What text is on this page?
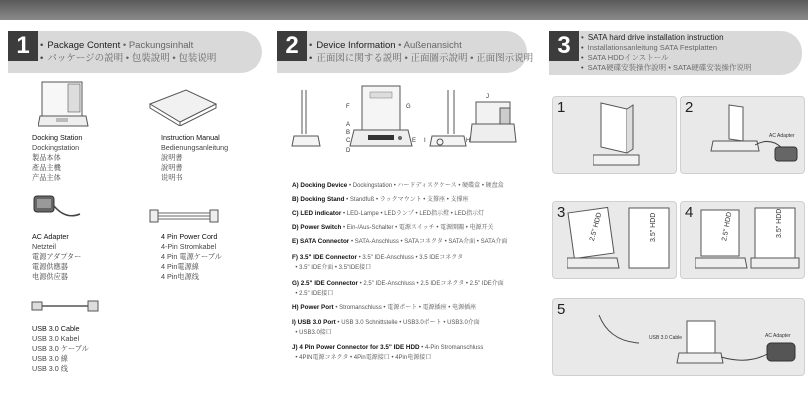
1	• Package Content • Packungsinhalt
• パッケージの説明 • 包裝說明 • 包装说明	2	• Device Information • Außenansicht
• 正面図に関する説明 • 正面圖示說明 • 正面图示说明	3	• SATA hard drive installation instruction
• Installationsanleitung SATA Festplatten
• SATA HDDインストール
• SATA硬碟安裝操作說明 • SATA硬碟安装操作说明
Docking Station
Dockingstation
製品本体
產品主機
产品主体
Instruction Manual
Bedienungsanleitung
說明書
說明書
说明书
AC Adapter
Netzteil
電源アダプター
電源供應器
电源供应器
4 Pin Power Cord
4-Pin Stromkabel
4 Pin 電源ケーブル
4 Pin電源線
4 Pin电源线
USB 3.0 Cable
USB 3.0 Kabel
USB 3.0 ケーブル
USB 3.0 線
USB 3.0 线
F	G
A
B
C
D
E I
J
H
A) Docking Device • Dockingstation • ハードディスクケース • 硬碟盒 • 硬盘盒
B) Docking Stand • Standfuß • ラックマウント • 支撐座 • 支撑座
C) LED indicator • LED-Lampe • LEDランプ • LED指示燈 • LED指示灯
D) Power Switch • Ein-/Aus-Schalter • 電源スイッチ • 電源開關 • 电源开关
E) SATA Connector • SATA-Anschluss • SATAコネクタ • SATA介面 • SATA介面
F) 3.5" IDE Connector • 3.5" IDE-Anschluss • 3.5 IDEコネクタ
• 3.5" IDE介面 • 3.5"IDE接口
G) 2.5" IDE Connector • 2.5" IDE-Anschluss • 2.5 IDEコネクタ • 2.5" IDE介面
• 2.5" IDE接口
H) Power Port • Stromanschluss • 電源ポート • 電源插座 • 电源插座
I) USB 3.0 Port • USB 3.0 Schnittstelle • USB3.0ポート • USB3.0介面
• USB3.0接口
J) 4 Pin Power Connector for 3.5" IDE HDD • 4-Pin Stromanschluss
• 4PIN電源コネクタ • 4Pin電源接口 • 4Pin电源接口
1	2
AC Adapter
3	2.5" HDD	3.5" HDD
4	2.5" HDD	3.5" HDD
5
USB 3.0 Cable	AC Adapter
